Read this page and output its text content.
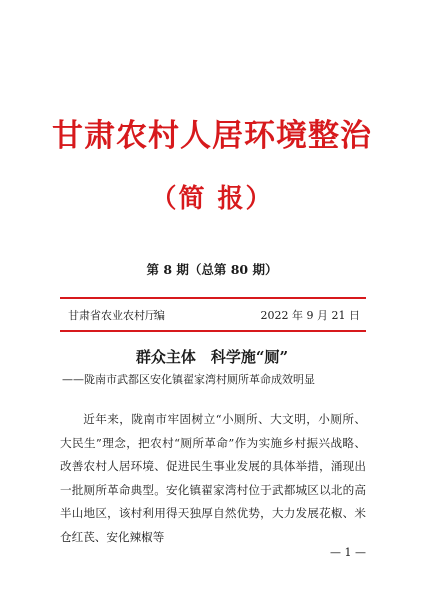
甘肃农村人居环境整治
（简 报）
第 8 期（总第 80 期）
甘肃省农业农村厅
编	2022 年 9 月 21 日
群众主体　科学施“厕”
——陇南市武都区安化镇翟家湾村厕所革命成效明显

近年来，陇南市牢固树立“小厕所、大文明，小厕所、大民生”理念，把农村“厕所革命”作为实施乡村振兴战略、改善农村人居环境、促进民生事业发展的具体举措，涌现出一批厕所革命典型。安化镇翟家湾村位于武都城区以北的高半山地区，该村利用得天独厚自然优势，大力发展花椒、米仓红芪、安化辣椒等

— 1 —
